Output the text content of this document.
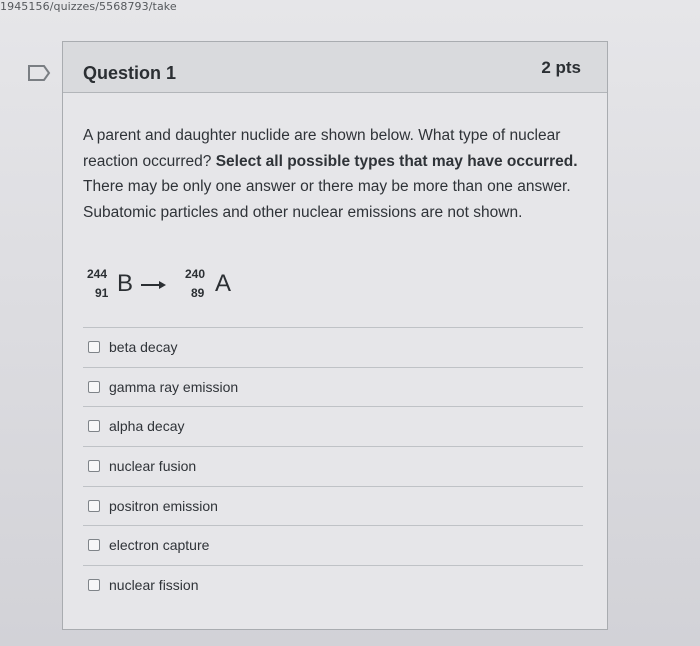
1945156/quizzes/5568793/take
Question 1	2 pts
A parent and daughter nuclide are shown below. What type of nuclear reaction occurred? Select all possible types that may have occurred. There may be only one answer or there may be more than one answer. Subatomic particles and other nuclear emissions are not shown.
244
91 B	240
89 A
beta decay
gamma ray emission
alpha decay
nuclear fusion
positron emission
electron capture
nuclear fission
